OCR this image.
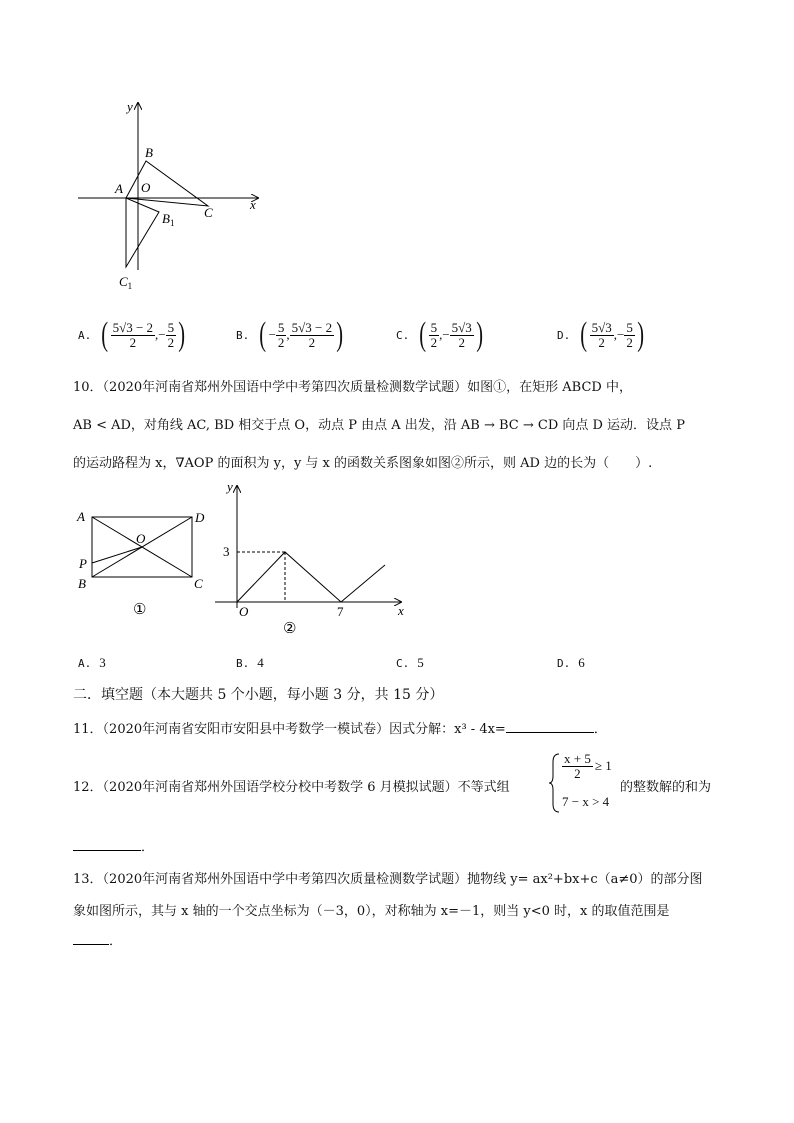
y
x
A O
B
C
$B_1$
$C_1$
A. ( $\frac{5√3 - 2}{2}$ , − $\frac{5}{2}$ )	B. ( − $\frac{5}{2}$ , $\frac{5√3 - 2}{2}$ )	C. ( $\frac{5}{2}$ , − $\frac{5√3}{2}$ )	D. ( $\frac{5√3}{2}$ , − $\frac{5}{2}$ )
10．（2020年河南省郑州外国语中学中考第四次质量检测数学试题）如图①，在矩形 ABCD 中，
AB < AD，对角线 AC, BD 相交于点 O，动点 P 由点 A 出发，沿 AB → BC → CD 向点 D 运动．设点 P
的运动路程为 x，∇AOP 的面积为 y，y 与 x 的函数关系图象如图②所示，则 AD 边的长为（　　）.
A	D
O
P
B	C
①
y
x
O
3
7
②
A. 3	B. 4	C. 5	D. 6
二．填空题（本大题共 5 个小题，每小题 3 分，共 15 分）
11．（2020年河南省安阳市安阳县中考数学一模试卷）因式分解：x³ - 4x=	．
12．（2020年河南省郑州外国语学校分校中考数学 6 月模拟试题）不等式组
$\frac{x + 5}{2} \ge 1$
7 − x > 4
的整数解的和为
．
13．（2020年河南省郑州外国语中学中考第四次质量检测数学试题）抛物线 y= ax²+bx+c（a≠0）的部分图
象如图所示，其与 x 轴的一个交点坐标为（－3，0），对称轴为 x=－1，则当 y<0 时，x 的取值范围是
．
